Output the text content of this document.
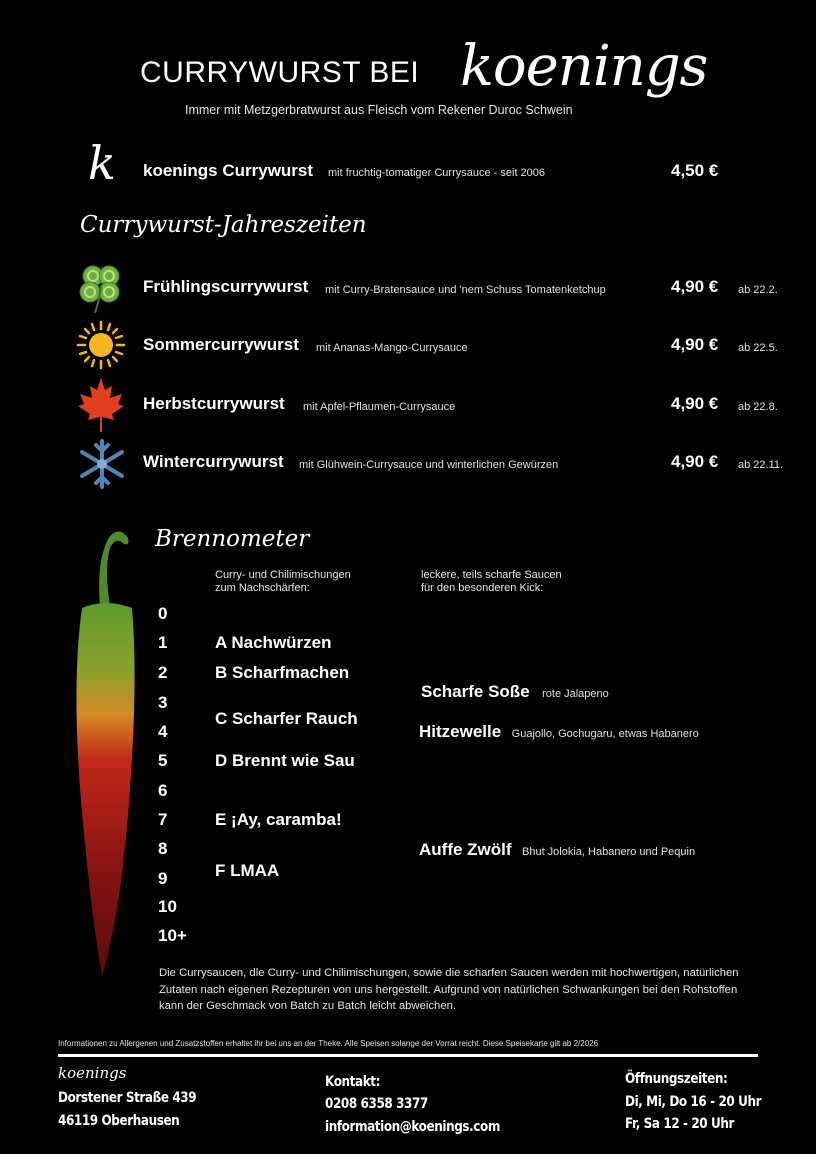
CURRYWURST BEI koenings
Immer mit Metzgerbratwurst aus Fleisch vom Rekener Duroc Schwein
k koenings Currywurst mit fruchtig-tomatiger Currysauce - seit 2006	4,50 €
Currywurst-Jahreszeiten
Frühlingscurrywurst mit Curry-Bratensauce und 'nem Schuss Tomatenketchup	4,90 € ab 22.2.
Sommercurrywurst mit Ananas-Mango-Currysauce	4,90 € ab 22.5.
Herbstcurrywurst mit Apfel-Pflaumen-Currysauce	4,90 € ab 22.8.
Wintercurrywurst mit Glühwein-Currysauce und winterlichen Gewürzen	4,90 € ab 22.11.
Brennometer
Curry- und Chilimischungen
zum Nachschärfen:
leckere, teils scharfe Saucen
für den besonderen Kick:
0
1
2
3
4
5
6
7
8
9
10
10+
A Nachwürzen
B Scharfmachen
C Scharfer Rauch
D Brennt wie Sau
E ¡Ay, caramba!
F LMAA
Scharfe Soße rote Jalapeno
Hitzewelle Guajollo, Gochugaru, etwas Habanero
Auffe Zwölf Bhut Jolokia, Habanero und Pequin
Die Currysaucen, dle Curry- und Chilimischungen, sowie die scharfen Saucen werden mit hochwertigen, natürlichen Zutaten nach eigenen Rezepturen von uns hergestellt. Aufgrund von natürlichen Schwankungen bei den Rohstoffen kann der Geschmack von Batch zu Batch leicht abweichen.
Informationen zu Allergenen und Zusatzstoffen erhaltet ihr bei uns an der Theke. Alle Speisen solange der Vorrat reicht. Diese Speisekarte gilt ab 2/2026
koenings
Dorstener Straße 439
46119 Oberhausen
Kontakt:
0208 6358 3377
information@koenings.com
Öffnungszeiten:
Di, Mi, Do 16 - 20 Uhr
Fr, Sa 12 - 20 Uhr
